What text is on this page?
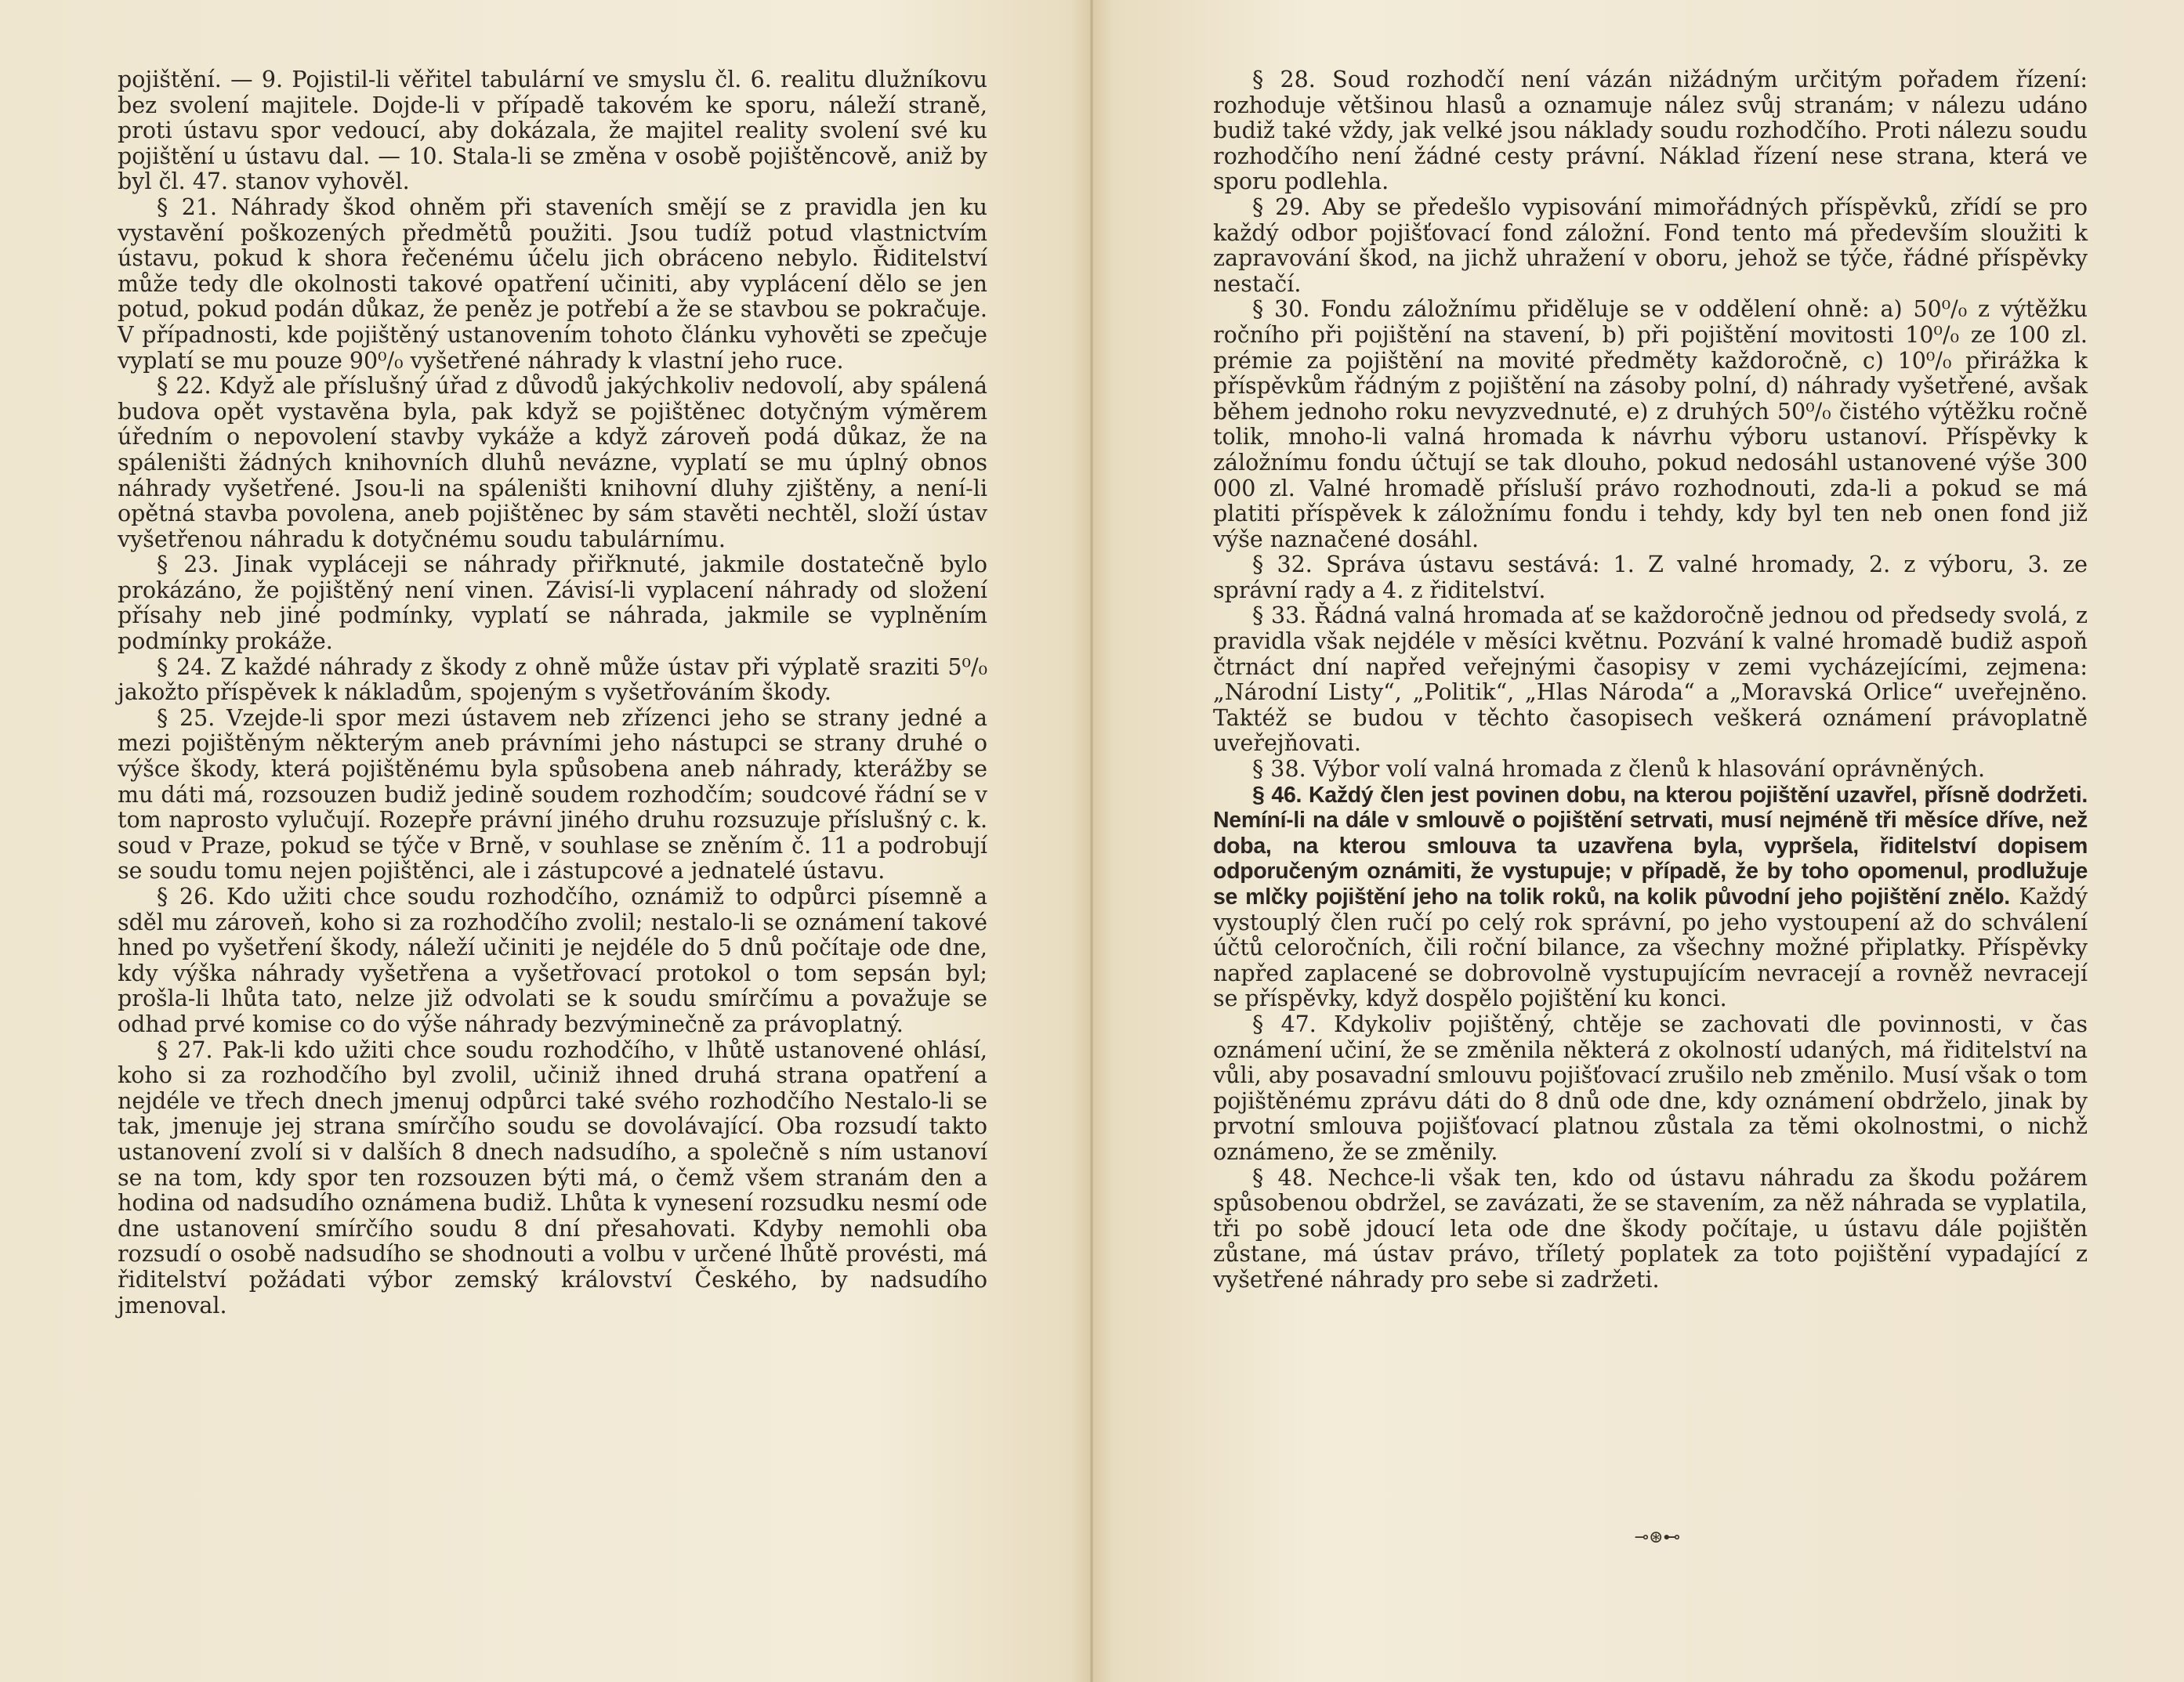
pojištění. — 9. Pojistil-li věřitel tabulární ve smyslu čl. 6. realitu dlužníkovu bez svolení majitele. Dojde-li v případě takovém ke sporu, náleží straně, proti ústavu spor vedoucí, aby dokázala, že majitel reality svolení své ku pojištění u ústavu dal. — 10. Stala-li se změna v osobě pojištěncově, aniž by byl čl. 47. stanov vyhověl.

§ 21. Náhrady škod ohněm při staveních smějí se z pravidla jen ku vystavění poškozených předmětů použiti. Jsou tudíž potud vlastnictvím ústavu, pokud k shora řečenému účelu jich obráceno nebylo. Řiditelství může tedy dle okolnosti takové opatření učiniti, aby vyplácení dělo se jen potud, pokud podán důkaz, že peněz je potřebí a že se stavbou se pokračuje. V případnosti, kde pojištěný ustanovením tohoto článku vyhověti se zpečuje vyplatí se mu pouze 90⁰/₀ vyšetřené náhrady k vlastní jeho ruce.

§ 22. Když ale příslušný úřad z důvodů jakýchkoliv nedovolí, aby spálená budova opět vystavěna byla, pak když se pojištěnec dotyčným výměrem úředním o nepovolení stavby vykáže a když zároveň podá důkaz, že na spáleništi žádných knihovních dluhů nevázne, vyplatí se mu úplný obnos náhrady vyšetřené. Jsou-li na spáleništi knihovní dluhy zjištěny, a není-li opětná stavba povolena, aneb pojištěnec by sám stavěti nechtěl, složí ústav vyšetřenou náhradu k dotyčnému soudu tabulárnímu.

§ 23. Jinak vypláceji se náhrady přiřknuté, jakmile dostatečně bylo prokázáno, že pojištěný není vinen. Závisí-li vyplacení náhrady od složení přísahy neb jiné podmínky, vyplatí se náhrada, jakmile se vyplněním podmínky prokáže.

§ 24. Z každé náhrady z škody z ohně může ústav při výplatě sraziti 5⁰/₀ jakožto příspěvek k nákladům, spojeným s vyšetřováním škody.

§ 25. Vzejde-li spor mezi ústavem neb zřízenci jeho se strany jedné a mezi pojištěným některým aneb právními jeho nástupci se strany druhé o výšce škody, která pojištěnému byla spůsobena aneb náhrady, kterážby se mu dáti má, rozsouzen budiž jedině soudem rozhodčím; soudcové řádní se v tom naprosto vylučují. Rozepře právní jiného druhu rozsuzuje příslušný c. k. soud v Praze, pokud se týče v Brně, v souhlase se zněním č. 11 a podrobují se soudu tomu nejen pojištěnci, ale i zástupcové a jednatelé ústavu.

§ 26. Kdo užiti chce soudu rozhodčího, oznámiž to odpůrci písemně a sděl mu zároveň, koho si za rozhodčího zvolil; nestalo-li se oznámení takové hned po vyšetření škody, náleží učiniti je nejdéle do 5 dnů počítaje ode dne, kdy výška náhrady vyšetřena a vyšetřovací protokol o tom sepsán byl; prošla-li lhůta tato, nelze již odvolati se k soudu smírčímu a považuje se odhad prvé komise co do výše náhrady bezvýminečně za právoplatný.

§ 27. Pak-li kdo užiti chce soudu rozhodčího, v lhůtě ustanovené ohlásí, koho si za rozhodčího byl zvolil, učiniž ihned druhá strana opatření a nejdéle ve třech dnech jmenuj odpůrci také svého rozhodčího Nestalo-li se tak, jmenuje jej strana smírčího soudu se dovolávající. Oba rozsudí takto ustanovení zvolí si v dalších 8 dnech nadsudího, a společně s ním ustanoví se na tom, kdy spor ten rozsouzen býti má, o čemž všem stranám den a hodina od nadsudího oznámena budiž. Lhůta k vynesení rozsudku nesmí ode dne ustanovení smírčího soudu 8 dní přesahovati. Kdyby nemohli oba rozsudí o osobě nadsudího se shodnouti a volbu v určené lhůtě provésti, má řiditelství požádati výbor zemský království Českého, by nadsudího jmenoval.

§ 28. Soud rozhodčí není vázán nižádným určitým pořadem řízení: rozhoduje většinou hlasů a oznamuje nález svůj stranám; v nálezu udáno budiž také vždy, jak velké jsou náklady soudu rozhodčího. Proti nálezu soudu rozhodčího není žádné cesty právní. Náklad řízení nese strana, která ve sporu podlehla.

§ 29. Aby se předešlo vypisování mimořádných příspěvků, zřídí se pro každý odbor pojišťovací fond záložní. Fond tento má především sloužiti k zapravování škod, na jichž uhražení v oboru, jehož se týče, řádné příspěvky nestačí.

§ 30. Fondu záložnímu přiděluje se v oddělení ohně: a) 50⁰/₀ z výtěžku ročního při pojištění na stavení, b) při pojištění movitosti 10⁰/₀ ze 100 zl. prémie za pojištění na movité předměty každoročně, c) 10⁰/₀ přirážka k příspěvkům řádným z pojištění na zásoby polní, d) náhrady vyšetřené, avšak během jednoho roku nevyzvednuté, e) z druhých 50⁰/₀ čistého výtěžku ročně tolik, mnoho-li valná hromada k návrhu výboru ustanoví. Příspěvky k záložnímu fondu účtují se tak dlouho, pokud nedosáhl ustanovené výše 300 000 zl. Valné hromadě přísluší právo rozhodnouti, zda-li a pokud se má platiti příspěvek k záložnímu fondu i tehdy, kdy byl ten neb onen fond již výše naznačené dosáhl.

§ 32. Správa ústavu sestává: 1. Z valné hromady, 2. z výboru, 3. ze správní rady a 4. z řiditelství.

§ 33. Řádná valná hromada ať se každoročně jednou od předsedy svolá, z pravidla však nejdéle v měsíci květnu. Pozvání k valné hromadě budiž aspoň čtrnáct dní napřed veřejnými časopisy v zemi vycházejícími, zejmena: „Národní Listy“, „Politik“, „Hlas Národa“ a „Moravská Orlice“ uveřejněno. Taktéž se budou v těchto časopisech veškerá oznámení právoplatně uveřejňovati.

§ 38. Výbor volí valná hromada z členů k hlasování oprávněných.

§ 46. Každý člen jest povinen dobu, na kterou pojištění uzavřel, přísně dodržeti. Nemíní-li na dále v smlouvě o pojištění setrvati, musí nejméně tři měsíce dříve, než doba, na kterou smlouva ta uzavřena byla, vypršela, řiditelství dopisem odporučeným oznámiti, že vystupuje; v případě, že by toho opomenul, prodlužuje se mlčky pojištění jeho na tolik roků, na kolik původní jeho pojištění znělo. Každý vystouplý člen ručí po celý rok správní, po jeho vystoupení až do schválení účtů celoročních, čili roční bilance, za všechny možné připlatky. Příspěvky napřed zaplacené se dobrovolně vystupujícím nevracejí a rovněž nevracejí se příspěvky, když dospělo pojištění ku konci.

§ 47. Kdykoliv pojištěný, chtěje se zachovati dle povinnosti, v čas oznámení učiní, že se změnila některá z okolností udaných, má řiditelství na vůli, aby posavadní smlouvu pojišťovací zrušilo neb změnilo. Musí však o tom pojištěnému zprávu dáti do 8 dnů ode dne, kdy oznámení obdrželo, jinak by prvotní smlouva pojišťovací platnou zůstala za těmi okolnostmi, o nichž oznámeno, že se změnily.

§ 48. Nechce-li však ten, kdo od ústavu náhradu za škodu požárem spůsobenou obdržel, se zavázati, že se stavením, za něž náhrada se vyplatila, tři po sobě jdoucí leta ode dne škody počítaje, u ústavu dále pojištěn zůstane, má ústav právo, tříletý poplatek za toto pojištění vypadající z vyšetřené náhrady pro sebe si zadržeti.

⊸⊛⊷
